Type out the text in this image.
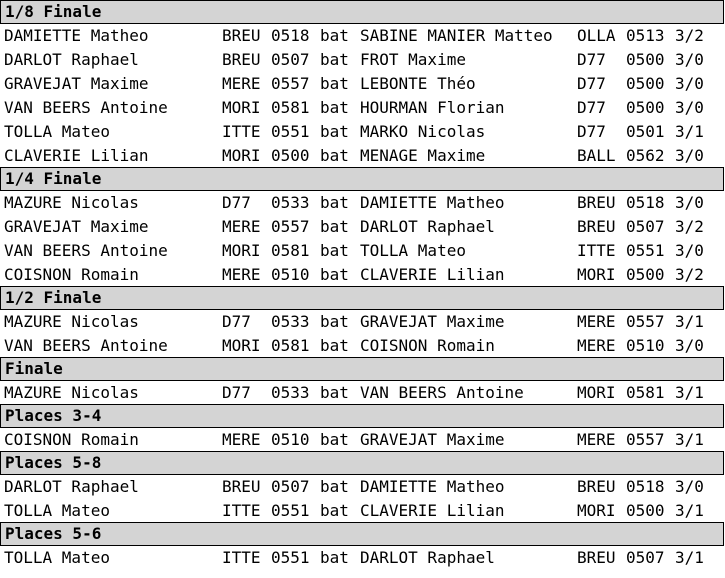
1/8 Finale
DAMIETTE Matheo	BREU 0518 bat SABINE MANIER Matteo OLLA 0513 3/2
DARLOT Raphael	BREU 0507 bat FROT Maxime	D77 0500 3/0
GRAVEJAT Maxime	MERE 0557 bat LEBONTE Théo	D77 0500 3/0
VAN BEERS Antoine	MORI 0581 bat HOURMAN Florian	D77 0500 3/0
TOLLA Mateo	ITTE 0551 bat MARKO Nicolas	D77 0501 3/1
CLAVERIE Lilian	MORI 0500 bat MENAGE Maxime	BALL 0562 3/0
1/4 Finale
MAZURE Nicolas	D77 0533 bat DAMIETTE Matheo	BREU 0518 3/0
GRAVEJAT Maxime	MERE 0557 bat DARLOT Raphael	BREU 0507 3/2
VAN BEERS Antoine	MORI 0581 bat TOLLA Mateo	ITTE 0551 3/0
COISNON Romain	MERE 0510 bat CLAVERIE Lilian	MORI 0500 3/2
1/2 Finale
MAZURE Nicolas	D77 0533 bat GRAVEJAT Maxime	MERE 0557 3/1
VAN BEERS Antoine	MORI 0581 bat COISNON Romain	MERE 0510 3/0
Finale
MAZURE Nicolas	D77 0533 bat VAN BEERS Antoine	MORI 0581 3/1
Places 3-4
COISNON Romain	MERE 0510 bat GRAVEJAT Maxime	MERE 0557 3/1
Places 5-8
DARLOT Raphael	BREU 0507 bat DAMIETTE Matheo	BREU 0518 3/0
TOLLA Mateo	ITTE 0551 bat CLAVERIE Lilian	MORI 0500 3/1
Places 5-6
TOLLA Mateo	ITTE 0551 bat DARLOT Raphael	BREU 0507 3/1
